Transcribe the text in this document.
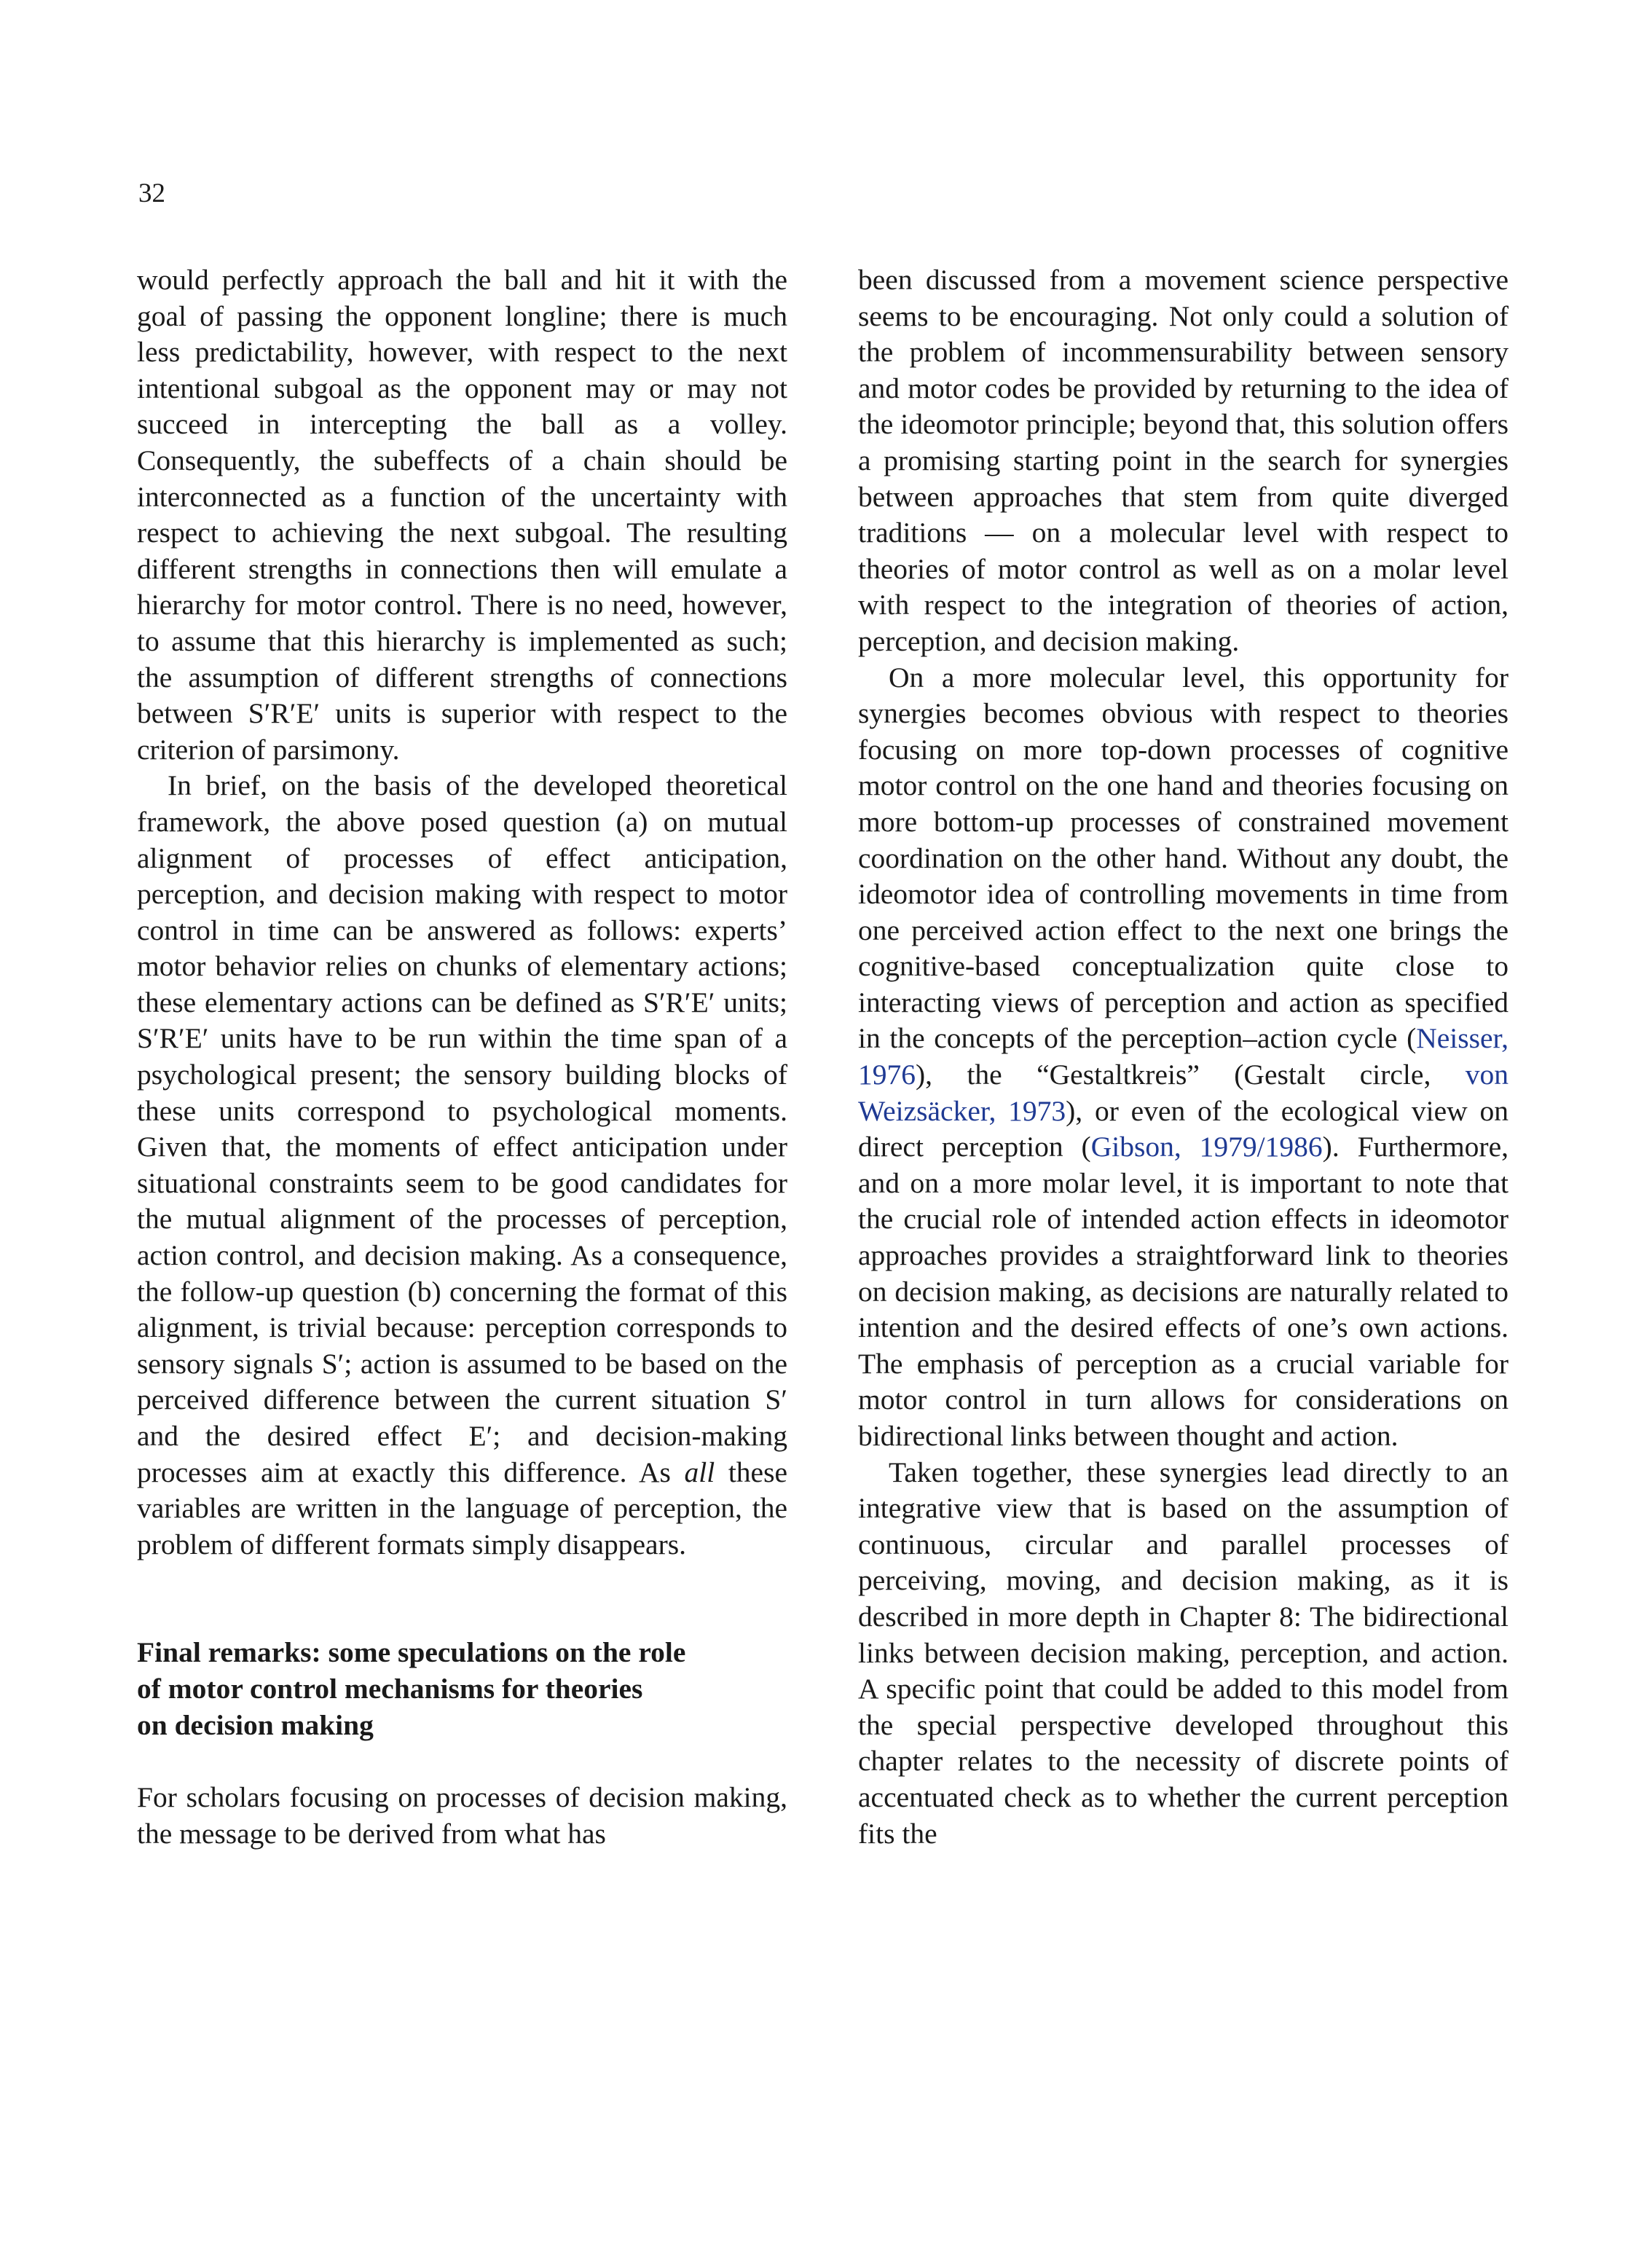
32

would perfectly approach the ball and hit it with the goal of passing the opponent longline; there is much less predictability, however, with respect to the next intentional subgoal as the opponent may or may not succeed in intercepting the ball as a volley. Consequently, the subeffects of a chain should be interconnected as a function of the uncertainty with respect to achieving the next subgoal. The resulting different strengths in connections then will emulate a hierarchy for motor control. There is no need, however, to assume that this hierarchy is implemented as such; the assumption of different strengths of connections between S′R′E′ units is superior with respect to the criterion of parsimony.

In brief, on the basis of the developed theoretical framework, the above posed question (a) on mutual alignment of processes of effect anticipation, perception, and decision making with respect to motor control in time can be answered as follows: experts’ motor behavior relies on chunks of elementary actions; these elementary actions can be defined as S′R′E′ units; S′R′E′ units have to be run within the time span of a psychological present; the sensory building blocks of these units correspond to psychological moments. Given that, the moments of effect anticipation under situational constraints seem to be good candidates for the mutual alignment of the processes of perception, action control, and decision making. As a consequence, the follow-up question (b) concerning the format of this alignment, is trivial because: perception corresponds to sensory signals S′; action is assumed to be based on the perceived difference between the current situation S′ and the desired effect E′; and decision-making processes aim at exactly this difference. As all these variables are written in the language of perception, the problem of different formats simply disappears.

Final remarks: some speculations on the role
of motor control mechanisms for theories
on decision making

For scholars focusing on processes of decision making, the message to be derived from what has

been discussed from a movement science perspective seems to be encouraging. Not only could a solution of the problem of incommensurability between sensory and motor codes be provided by returning to the idea of the ideomotor principle; beyond that, this solution offers a promising starting point in the search for synergies between approaches that stem from quite diverged traditions — on a molecular level with respect to theories of motor control as well as on a molar level with respect to the integration of theories of action, perception, and decision making.

On a more molecular level, this opportunity for synergies becomes obvious with respect to theories focusing on more top-down processes of cognitive motor control on the one hand and theories focusing on more bottom-up processes of constrained movement coordination on the other hand. Without any doubt, the ideomotor idea of controlling movements in time from one perceived action effect to the next one brings the cognitive-based conceptualization quite close to interacting views of perception and action as specified in the concepts of the perception–action cycle (Neisser, 1976), the “Gestaltkreis” (Gestalt circle, von Weizsäcker, 1973), or even of the ecological view on direct perception (Gibson, 1979/1986). Furthermore, and on a more molar level, it is important to note that the crucial role of intended action effects in ideomotor approaches provides a straightforward link to theories on decision making, as decisions are naturally related to intention and the desired effects of one’s own actions. The emphasis of perception as a crucial variable for motor control in turn allows for considerations on bidirectional links between thought and action.

Taken together, these synergies lead directly to an integrative view that is based on the assumption of continuous, circular and parallel processes of perceiving, moving, and decision making, as it is described in more depth in Chapter 8: The bidirectional links between decision making, perception, and action. A specific point that could be added to this model from the special perspective developed throughout this chapter relates to the necessity of discrete points of accentuated check as to whether the current perception fits the
